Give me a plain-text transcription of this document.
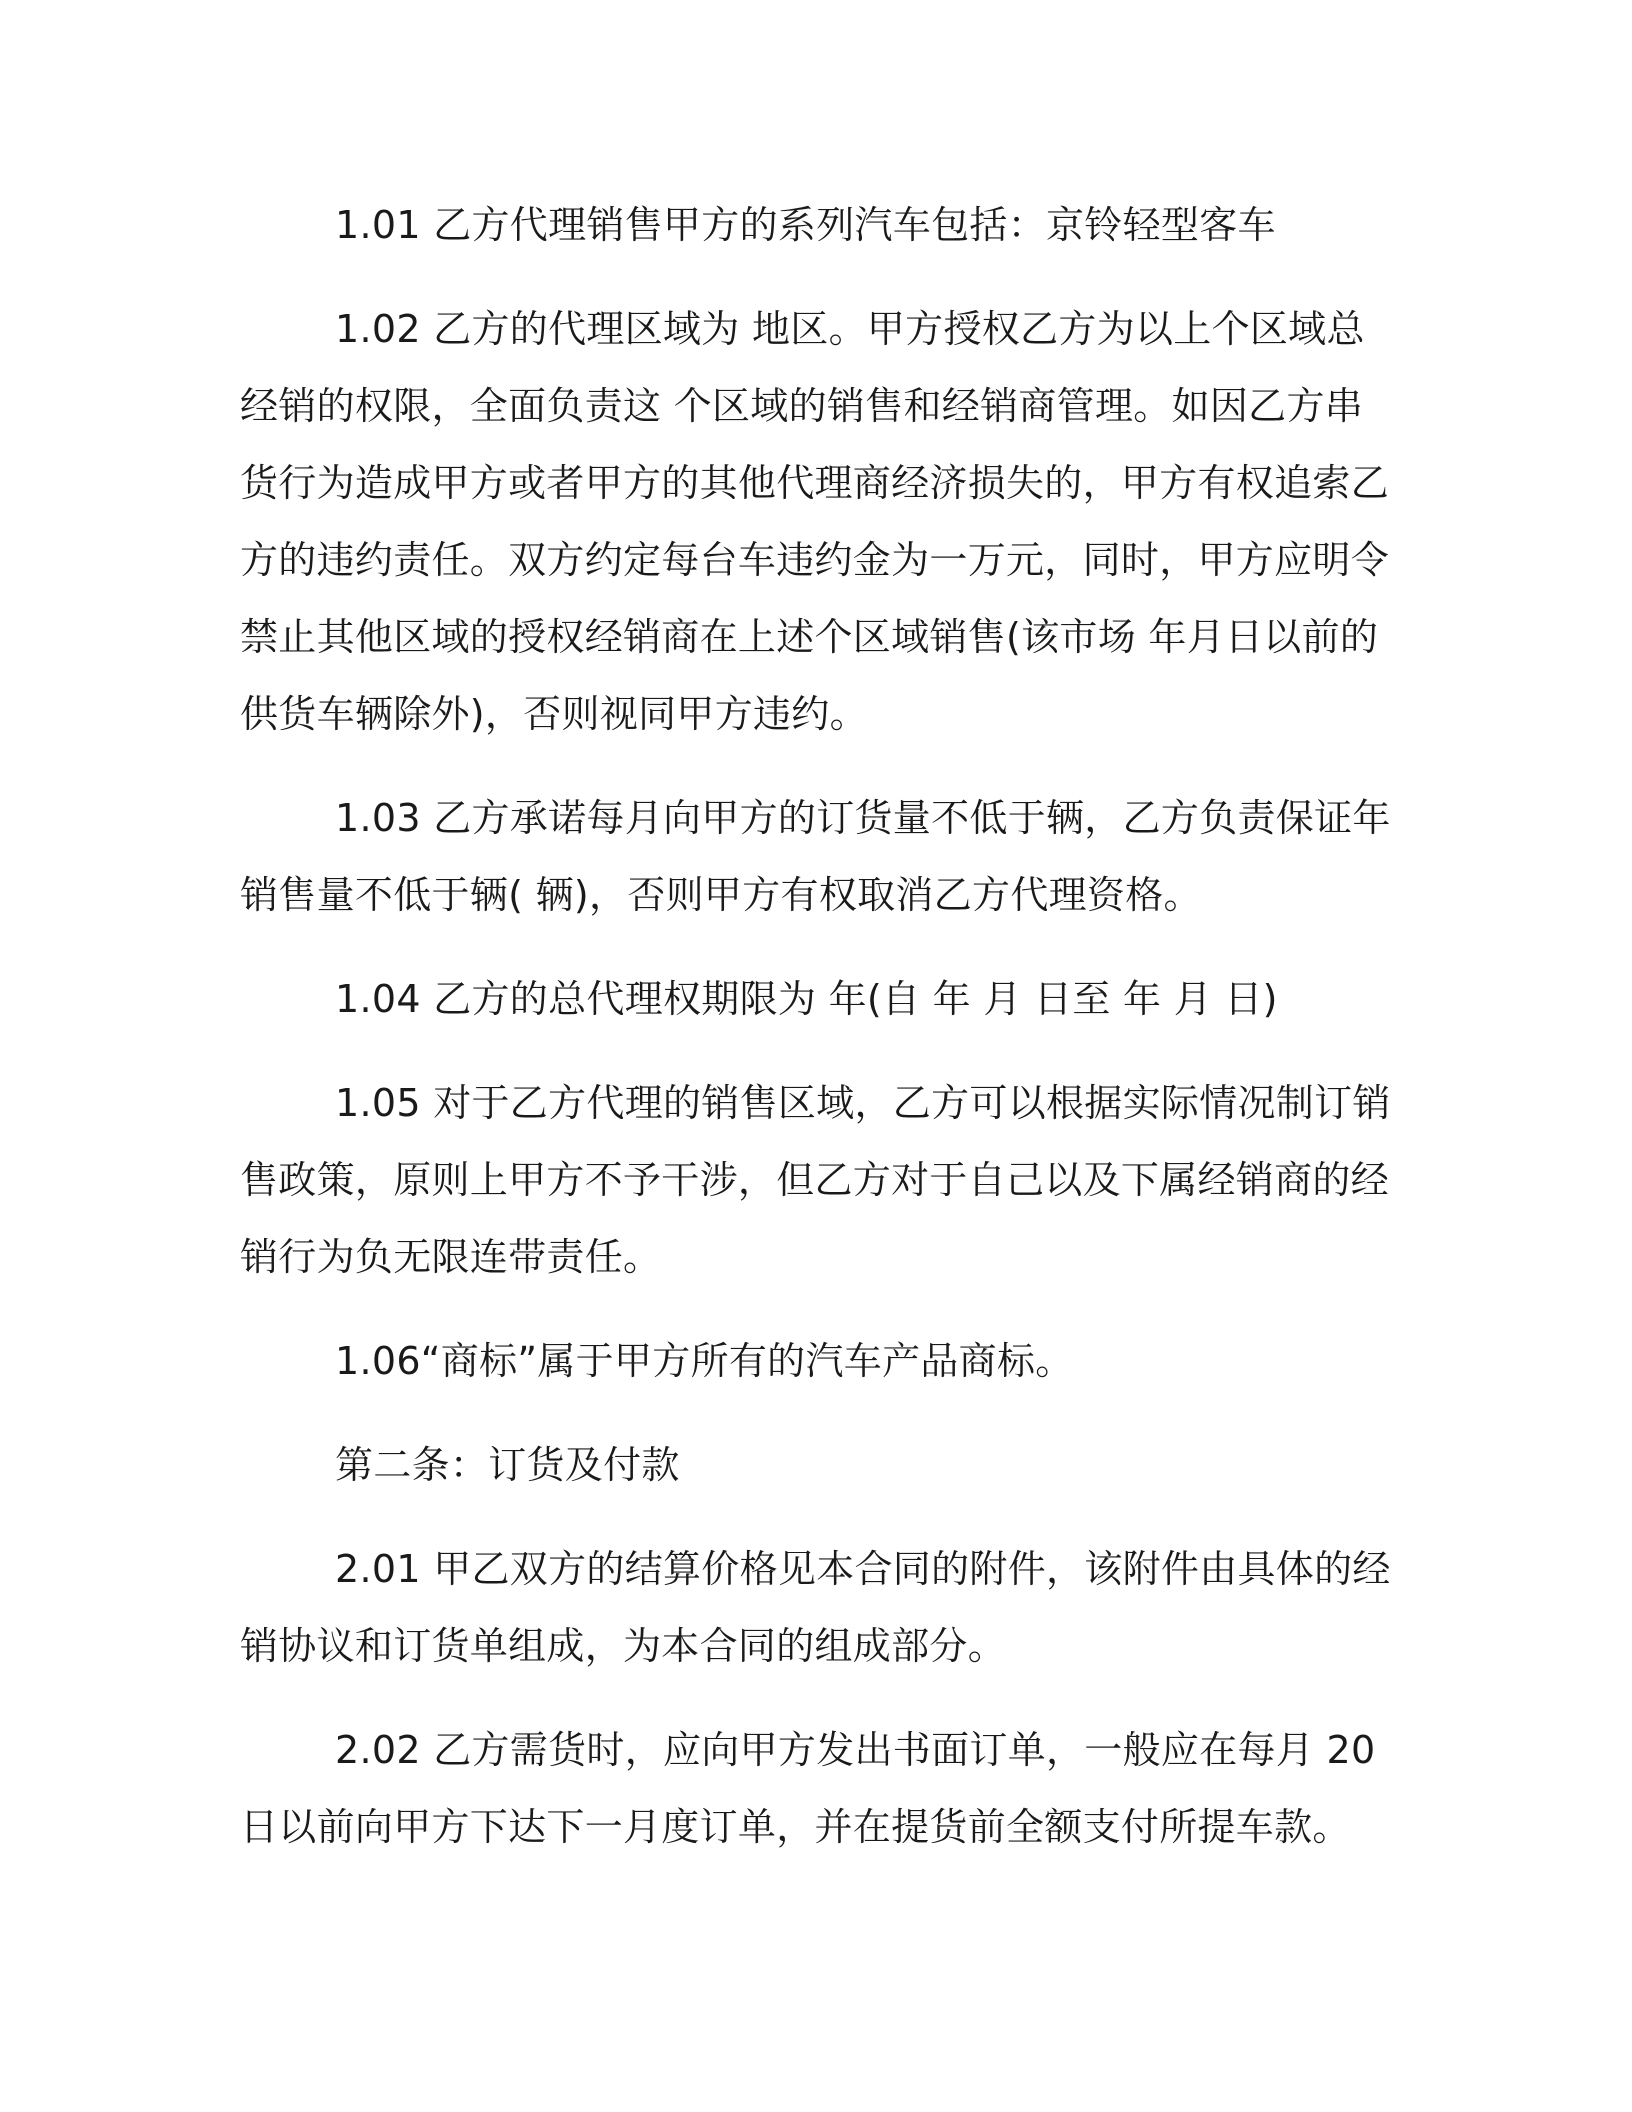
1.01 乙方代理销售甲方的系列汽车包括：京铃轻型客车

1.02 乙方的代理区域为 地区。甲方授权乙方为以上个区域总经销的权限，全面负责这 个区域的销售和经销商管理。如因乙方串货行为造成甲方或者甲方的其他代理商经济损失的，甲方有权追索乙方的违约责任。双方约定每台车违约金为一万元，同时，甲方应明令禁止其他区域的授权经销商在上述个区域销售(该市场 年月日以前的供货车辆除外)，否则视同甲方违约。

1.03 乙方承诺每月向甲方的订货量不低于辆，乙方负责保证年销售量不低于辆( 辆)，否则甲方有权取消乙方代理资格。

1.04 乙方的总代理权期限为 年(自 年 月 日至 年 月 日)

1.05 对于乙方代理的销售区域，乙方可以根据实际情况制订销售政策，原则上甲方不予干涉，但乙方对于自己以及下属经销商的经销行为负无限连带责任。

1.06“商标”属于甲方所有的汽车产品商标。

第二条：订货及付款

2.01 甲乙双方的结算价格见本合同的附件，该附件由具体的经销协议和订货单组成，为本合同的组成部分。

2.02 乙方需货时，应向甲方发出书面订单，一般应在每月 20 日以前向甲方下达下一月度订单，并在提货前全额支付所提车款。
